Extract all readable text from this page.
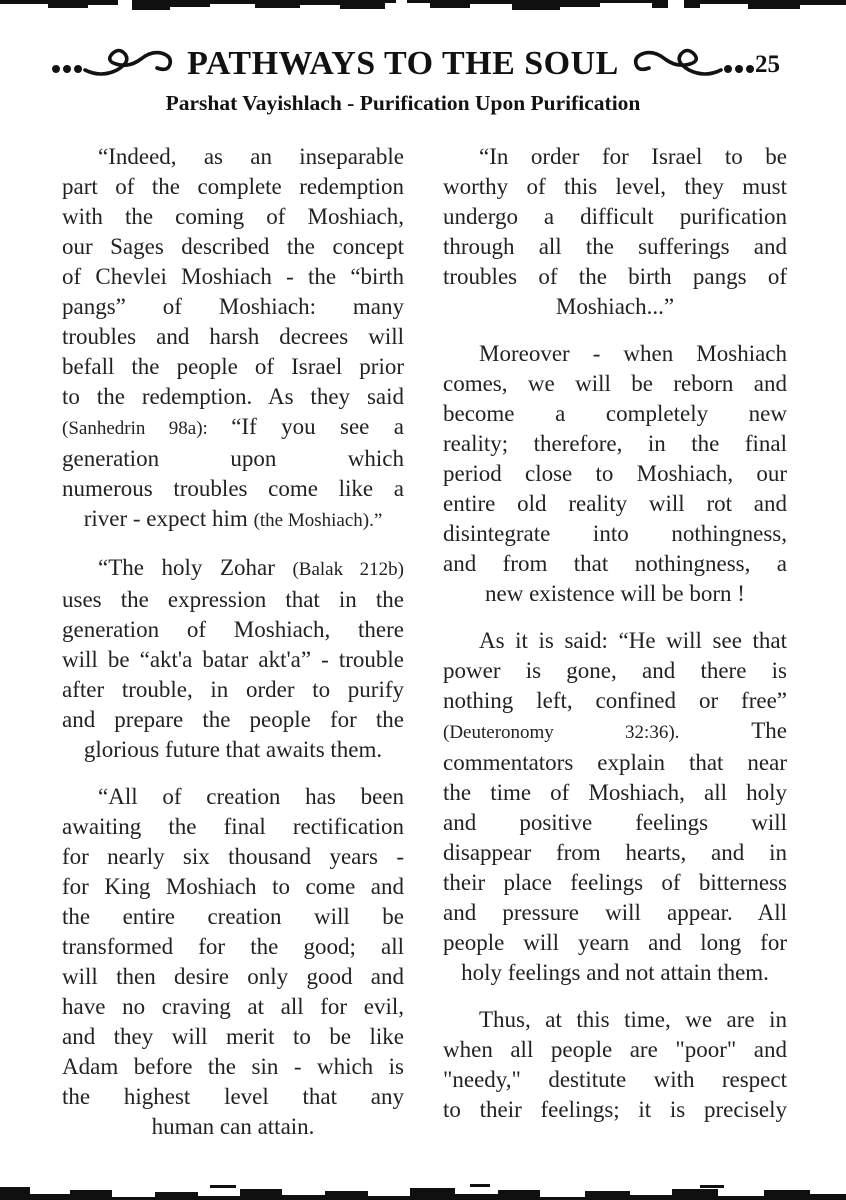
PATHWAYS TO THE SOUL	25
Parshat Vayishlach - Purification Upon Purification
“Indeed, as an inseparable
part of the complete redemption
with the coming of Moshiach,
our Sages described the concept
of Chevlei Moshiach - the “birth
pangs” of Moshiach: many
troubles and harsh decrees will
befall the people of Israel prior
to the redemption. As they said
(Sanhedrin 98a): “If you see a
generation upon which
numerous troubles come like a
river - expect him (the Moshiach).”
“The holy Zohar (Balak 212b)
uses the expression that in the
generation of Moshiach, there
will be “akt'a batar akt'a” - trouble
after trouble, in order to purify
and prepare the people for the
glorious future that awaits them.
“All of creation has been
awaiting the final rectification
for nearly six thousand years -
for King Moshiach to come and
the entire creation will be
transformed for the good; all
will then desire only good and
have no craving at all for evil,
and they will merit to be like
Adam before the sin - which is
the highest level that any
human can attain.
“In order for Israel to be
worthy of this level, they must
undergo a difficult purification
through all the sufferings and
troubles of the birth pangs of
Moshiach...”
Moreover - when Moshiach
comes, we will be reborn and
become a completely new
reality; therefore, in the final
period close to Moshiach, our
entire old reality will rot and
disintegrate into nothingness,
and from that nothingness, a
new existence will be born !
As it is said: “He will see that
power is gone, and there is
nothing left, confined or free”
(Deuteronomy 32:36). The
commentators explain that near
the time of Moshiach, all holy
and positive feelings will
disappear from hearts, and in
their place feelings of bitterness
and pressure will appear. All
people will yearn and long for
holy feelings and not attain them.
Thus, at this time, we are in
when all people are "poor" and
"needy," destitute with respect
to their feelings; it is precisely
